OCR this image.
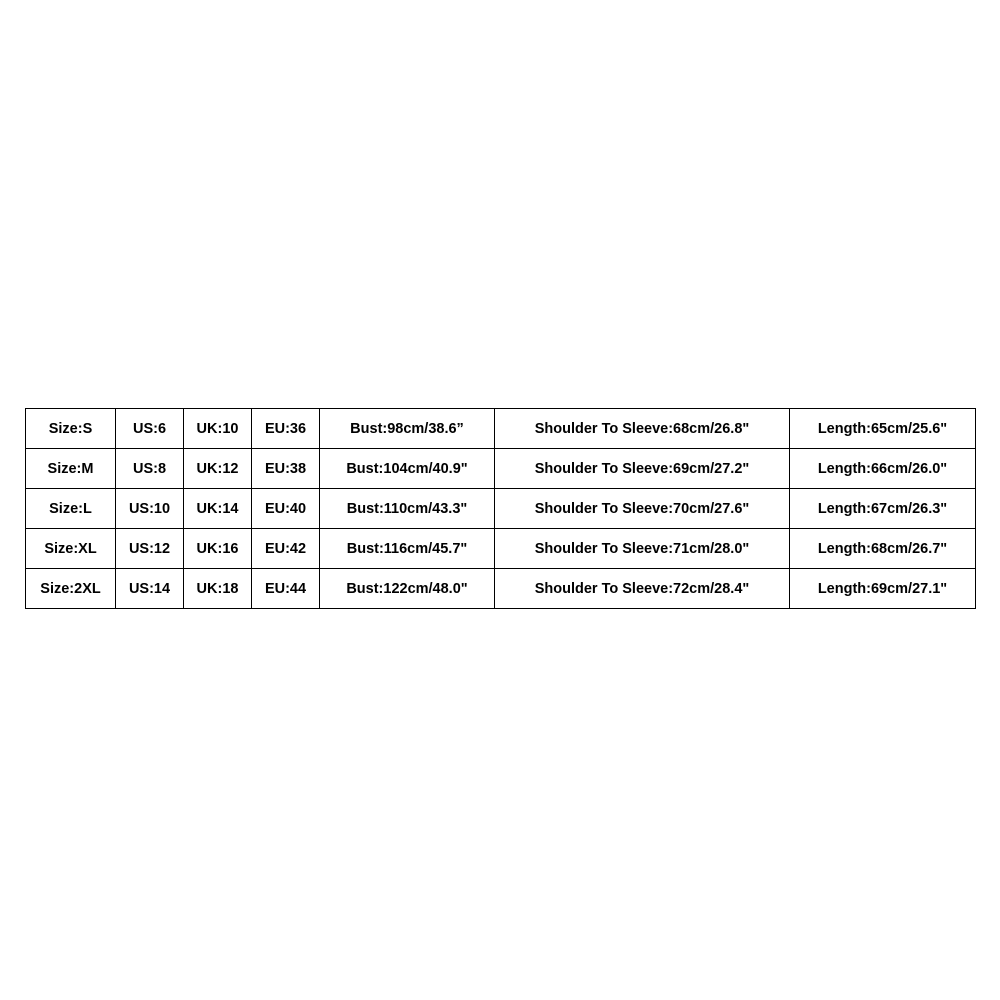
Size:S	US:6	UK:10	EU:36	Bust:98cm/38.6”	Shoulder To Sleeve:68cm/26.8"	Length:65cm/25.6"
Size:M	US:8	UK:12	EU:38	Bust:104cm/40.9"	Shoulder To Sleeve:69cm/27.2"	Length:66cm/26.0"
Size:L	US:10	UK:14	EU:40	Bust:110cm/43.3"	Shoulder To Sleeve:70cm/27.6"	Length:67cm/26.3"
Size:XL	US:12	UK:16	EU:42	Bust:116cm/45.7"	Shoulder To Sleeve:71cm/28.0"	Length:68cm/26.7"
Size:2XL	US:14	UK:18	EU:44	Bust:122cm/48.0"	Shoulder To Sleeve:72cm/28.4"	Length:69cm/27.1"
